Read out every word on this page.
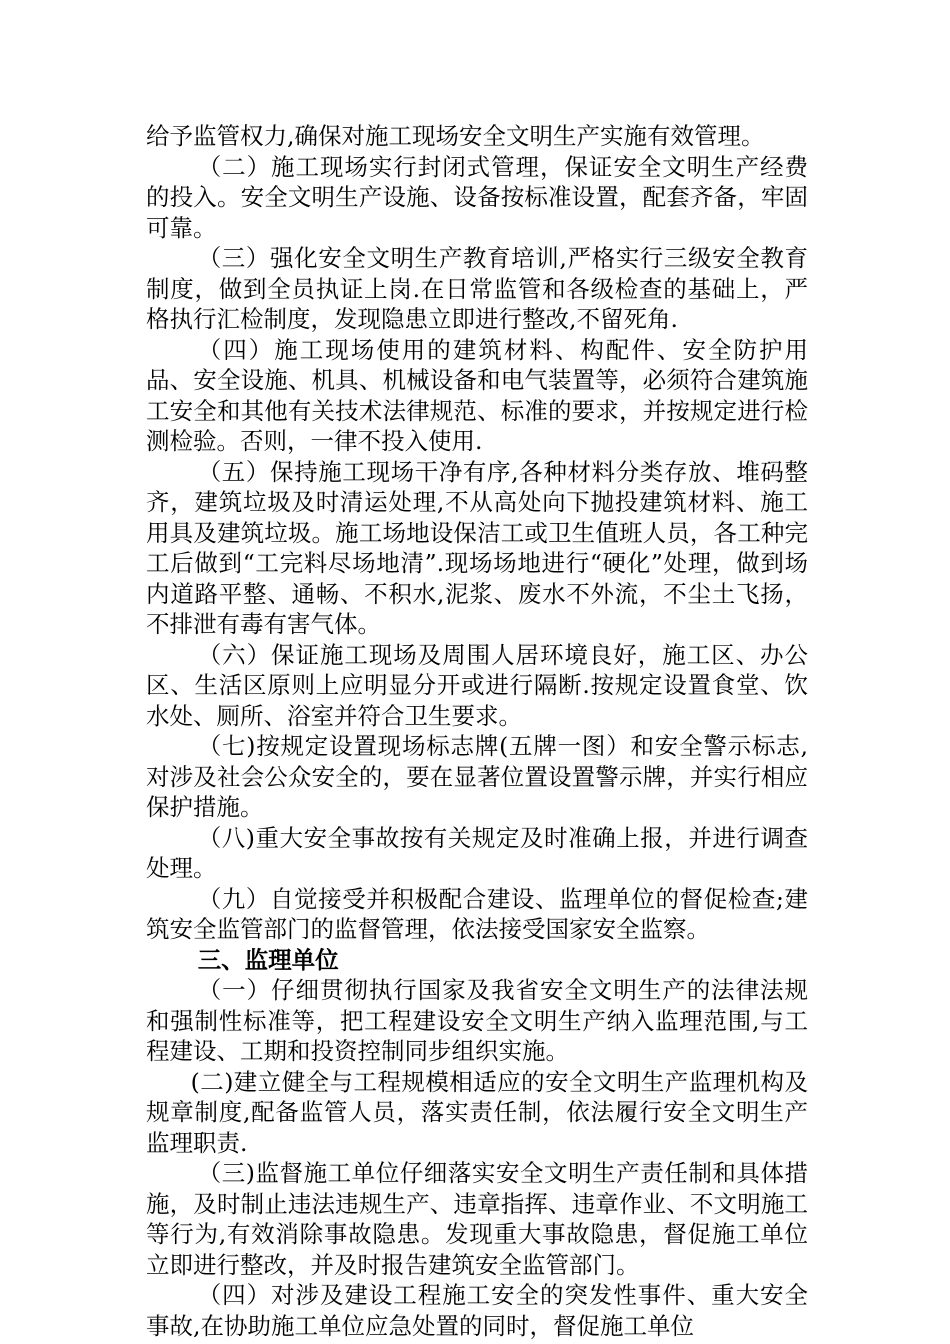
给予监管权力,确保对施工现场安全文明生产实施有效管理。

（二）施工现场实行封闭式管理，保证安全文明生产经费的投入。安全文明生产设施、设备按标准设置，配套齐备，牢固可靠。

（三）强化安全文明生产教育培训,严格实行三级安全教育制度，做到全员执证上岗.在日常监管和各级检查的基础上，严格执行汇检制度，发现隐患立即进行整改,不留死角.

（四）施工现场使用的建筑材料、构配件、安全防护用品、安全设施、机具、机械设备和电气装置等，必须符合建筑施工安全和其他有关技术法律规范、标准的要求，并按规定进行检测检验。否则，一律不投入使用.

（五）保持施工现场干净有序,各种材料分类存放、堆码整齐，建筑垃圾及时清运处理,不从高处向下抛投建筑材料、施工用具及建筑垃圾。施工场地设保洁工或卫生值班人员，各工种完工后做到“工完料尽场地清”.现场场地进行“硬化”处理，做到场内道路平整、通畅、不积水,泥浆、废水不外流，不尘土飞扬，不排泄有毒有害气体。

（六）保证施工现场及周围人居环境良好，施工区、办公区、生活区原则上应明显分开或进行隔断.按规定设置食堂、饮水处、厕所、浴室并符合卫生要求。

（七)按规定设置现场标志牌(五牌一图）和安全警示标志,对涉及社会公众安全的，要在显著位置设置警示牌，并实行相应保护措施。

（八)重大安全事故按有关规定及时准确上报，并进行调查处理。

（九）自觉接受并积极配合建设、监理单位的督促检查;建筑安全监管部门的监督管理，依法接受国家安全监察。

三、监理单位

（一）仔细贯彻执行国家及我省安全文明生产的法律法规和强制性标准等，把工程建设安全文明生产纳入监理范围,与工程建设、工期和投资控制同步组织实施。

(二)建立健全与工程规模相适应的安全文明生产监理机构及规章制度,配备监管人员，落实责任制，依法履行安全文明生产监理职责.

（三)监督施工单位仔细落实安全文明生产责任制和具体措施，及时制止违法违规生产、违章指挥、违章作业、不文明施工等行为,有效消除事故隐患。发现重大事故隐患，督促施工单位立即进行整改，并及时报告建筑安全监管部门。

（四）对涉及建设工程施工安全的突发性事件、重大安全事故,在协助施工单位应急处置的同时，督促施工单位
